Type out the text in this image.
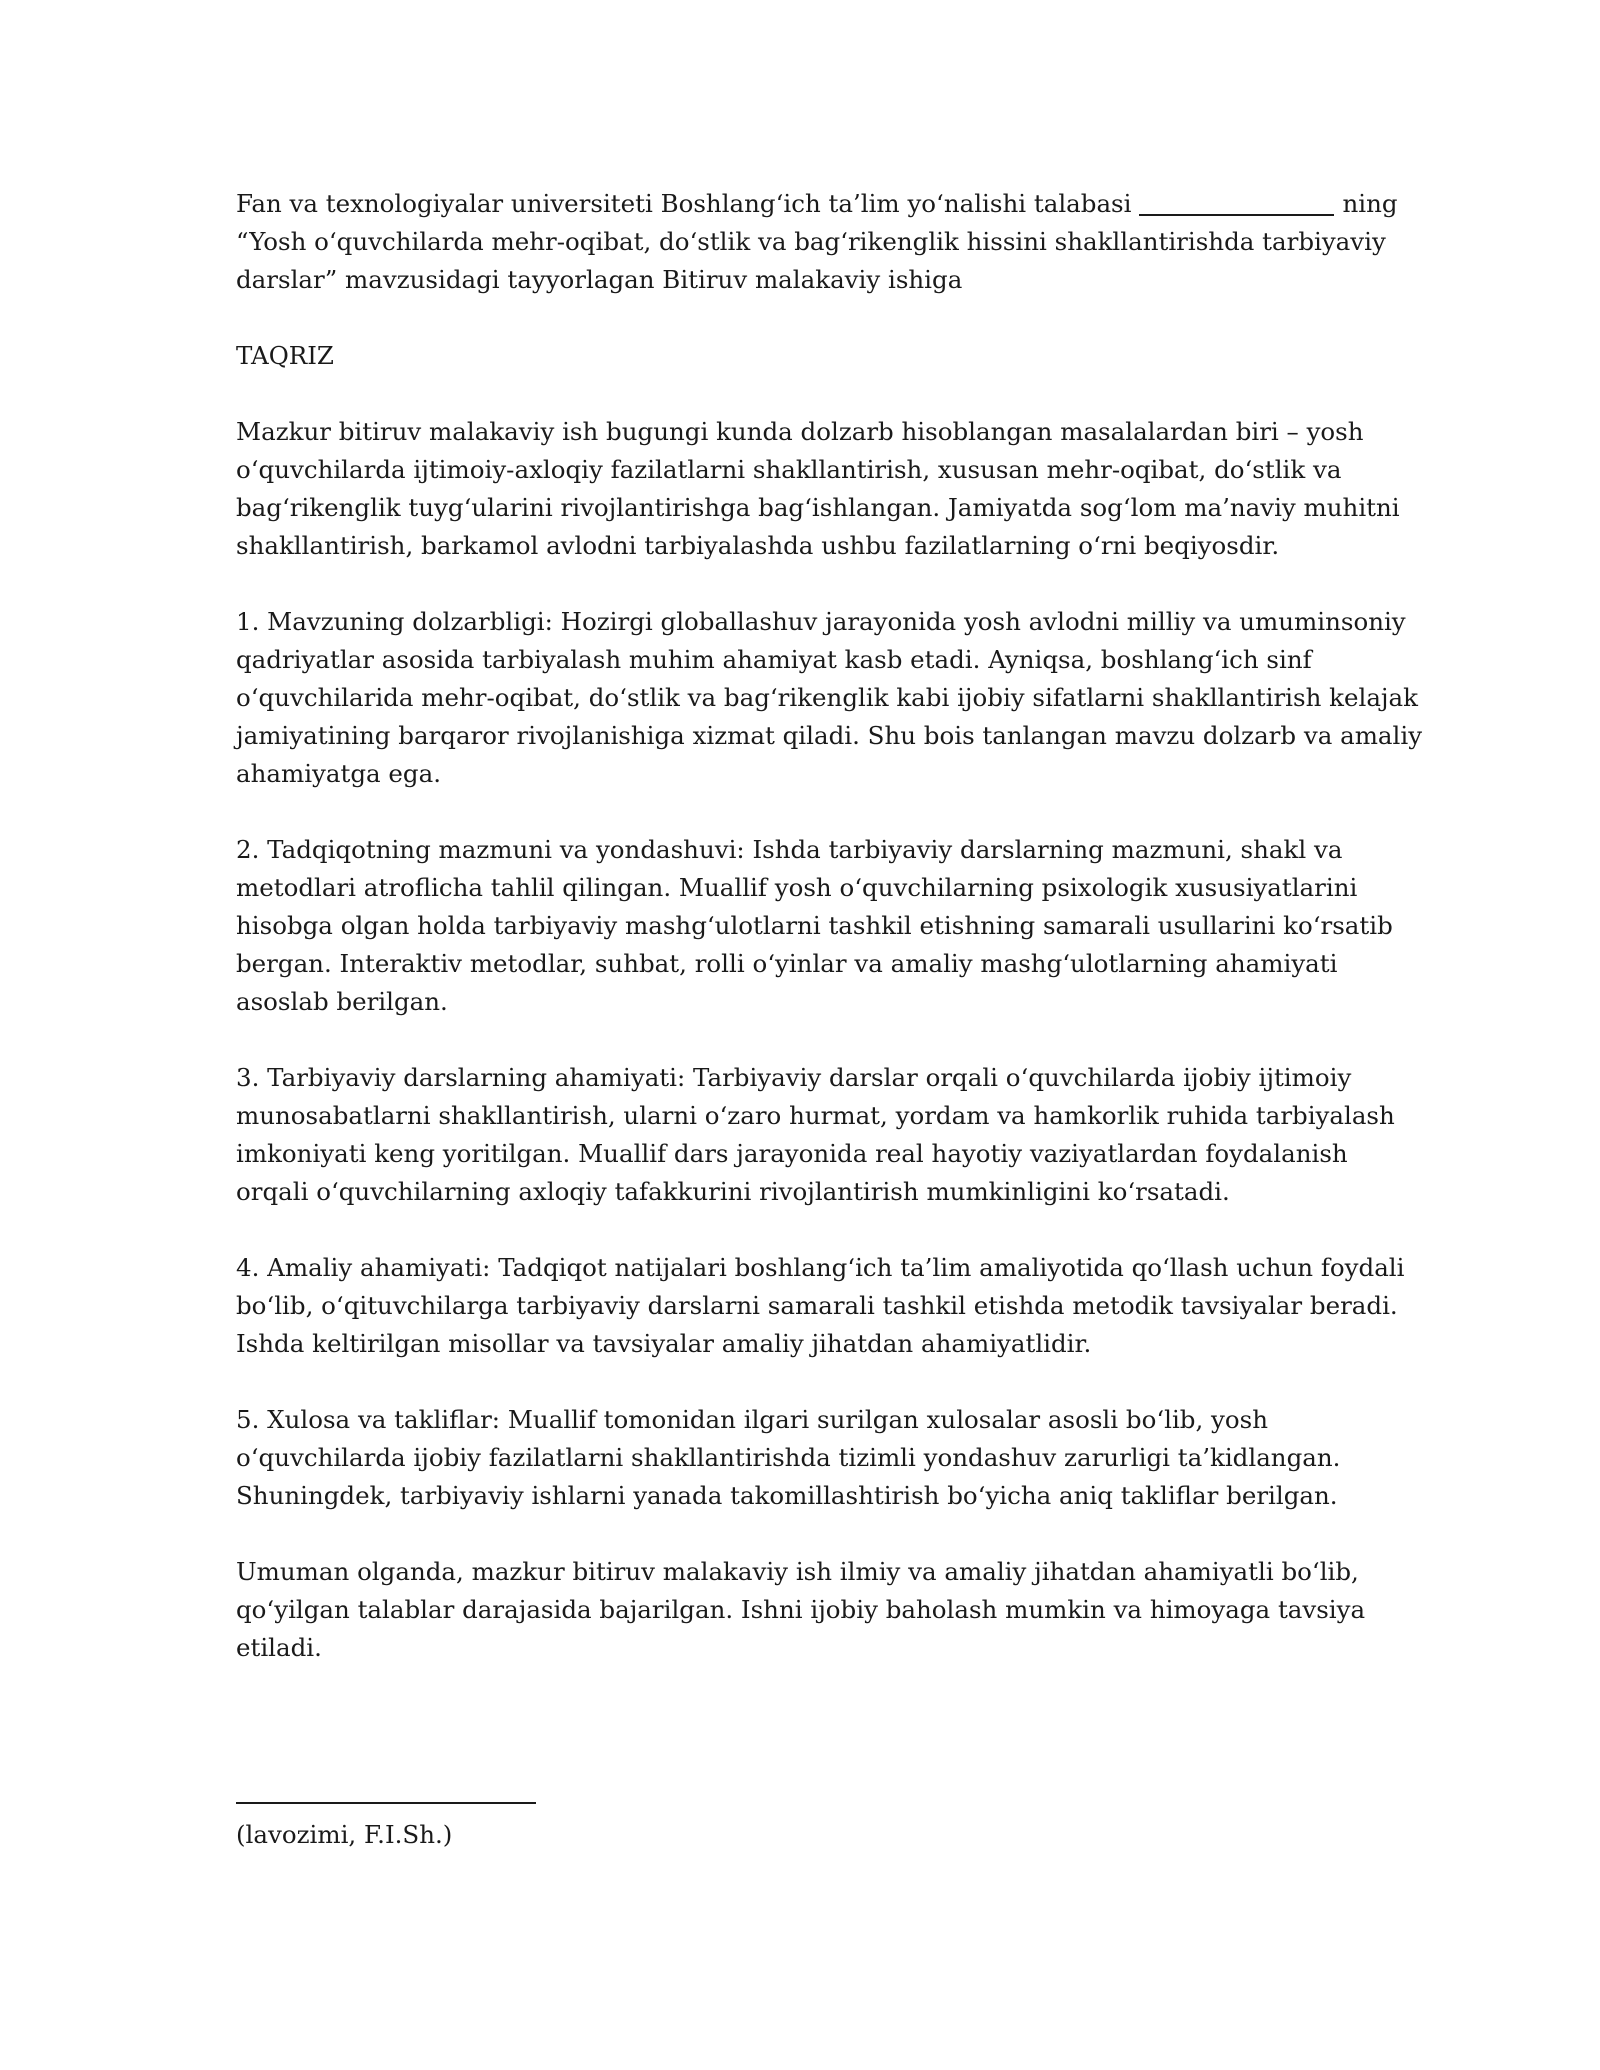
Fan va texnologiyalar universiteti Boshlang‘ich ta’lim yo‘nalishi talabasi	ning
“Yosh o‘quvchilarda mehr-oqibat, do‘stlik va bag‘rikenglik hissini shakllantirishda tarbiyaviy
darslar” mavzusidagi tayyorlagan Bitiruv malakaviy ishiga
TAQRIZ
Mazkur bitiruv malakaviy ish bugungi kunda dolzarb hisoblangan masalalardan biri – yosh
o‘quvchilarda ijtimoiy-axloqiy fazilatlarni shakllantirish, xususan mehr-oqibat, do‘stlik va
bag‘rikenglik tuyg‘ularini rivojlantirishga bag‘ishlangan. Jamiyatda sog‘lom ma’naviy muhitni
shakllantirish, barkamol avlodni tarbiyalashda ushbu fazilatlarning o‘rni beqiyosdir.
1. Mavzuning dolzarbligi: Hozirgi globallashuv jarayonida yosh avlodni milliy va umuminsoniy
qadriyatlar asosida tarbiyalash muhim ahamiyat kasb etadi. Ayniqsa, boshlang‘ich sinf
o‘quvchilarida mehr-oqibat, do‘stlik va bag‘rikenglik kabi ijobiy sifatlarni shakllantirish kelajak
jamiyatining barqaror rivojlanishiga xizmat qiladi. Shu bois tanlangan mavzu dolzarb va amaliy
ahamiyatga ega.
2. Tadqiqotning mazmuni va yondashuvi: Ishda tarbiyaviy darslarning mazmuni, shakl va
metodlari atroflicha tahlil qilingan. Muallif yosh o‘quvchilarning psixologik xususiyatlarini
hisobga olgan holda tarbiyaviy mashg‘ulotlarni tashkil etishning samarali usullarini ko‘rsatib
bergan. Interaktiv metodlar, suhbat, rolli o‘yinlar va amaliy mashg‘ulotlarning ahamiyati
asoslab berilgan.
3. Tarbiyaviy darslarning ahamiyati: Tarbiyaviy darslar orqali o‘quvchilarda ijobiy ijtimoiy
munosabatlarni shakllantirish, ularni o‘zaro hurmat, yordam va hamkorlik ruhida tarbiyalash
imkoniyati keng yoritilgan. Muallif dars jarayonida real hayotiy vaziyatlardan foydalanish
orqali o‘quvchilarning axloqiy tafakkurini rivojlantirish mumkinligini ko‘rsatadi.
4. Amaliy ahamiyati: Tadqiqot natijalari boshlang‘ich ta’lim amaliyotida qo‘llash uchun foydali
bo‘lib, o‘qituvchilarga tarbiyaviy darslarni samarali tashkil etishda metodik tavsiyalar beradi.
Ishda keltirilgan misollar va tavsiyalar amaliy jihatdan ahamiyatlidir.
5. Xulosa va takliflar: Muallif tomonidan ilgari surilgan xulosalar asosli bo‘lib, yosh
o‘quvchilarda ijobiy fazilatlarni shakllantirishda tizimli yondashuv zarurligi ta’kidlangan.
Shuningdek, tarbiyaviy ishlarni yanada takomillashtirish bo‘yicha aniq takliflar berilgan.
Umuman olganda, mazkur bitiruv malakaviy ish ilmiy va amaliy jihatdan ahamiyatli bo‘lib,
qo‘yilgan talablar darajasida bajarilgan. Ishni ijobiy baholash mumkin va himoyaga tavsiya
etiladi.
(lavozimi, F.I.Sh.)
